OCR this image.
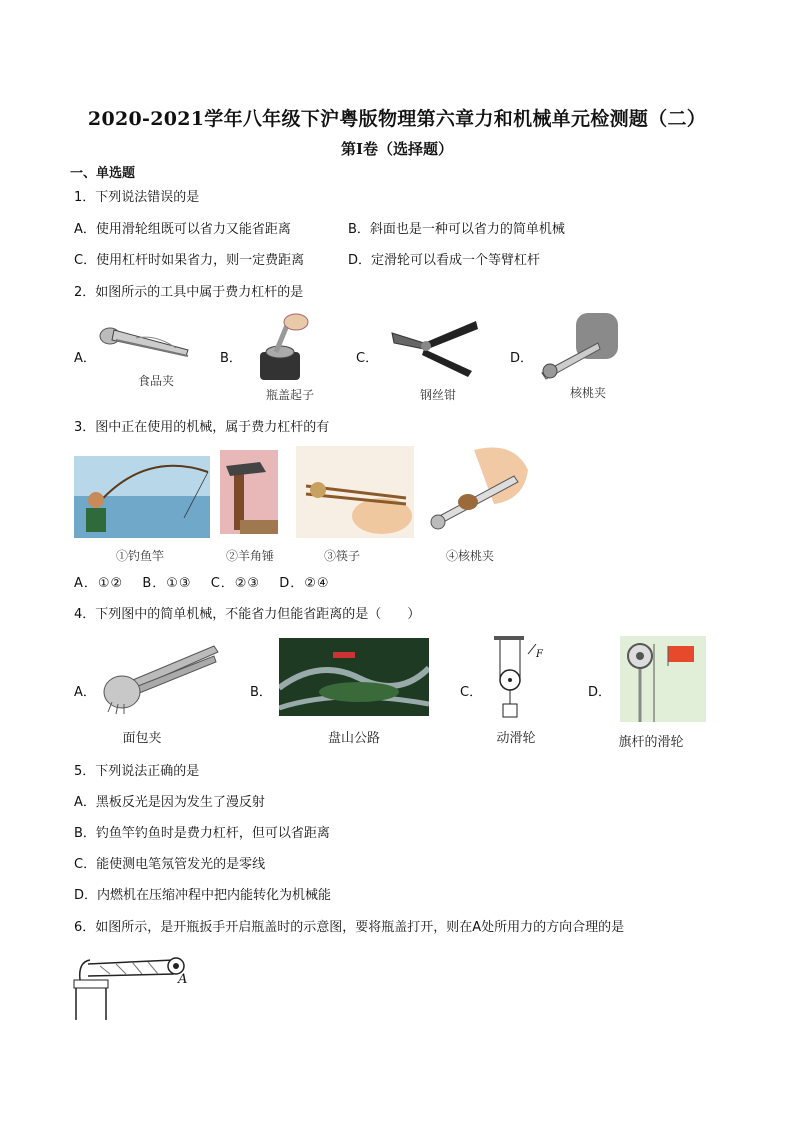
2020-2021学年八年级下沪粤版物理第六章力和机械单元检测题（二）
第I卷（选择题）
一、单选题
1．下列说法错误的是
A．使用滑轮组既可以省力又能省距离	B．斜面也是一种可以省力的简单机械
C．使用杠杆时如果省力，则一定费距离	D．定滑轮可以看成一个等臂杠杆
2．如图所示的工具中属于费力杠杆的是
A．
食品夹
B．
瓶盖起子
C．
钢丝钳
D．
核桃夹
3．图中正在使用的机械，属于费力杠杆的有
①钓鱼竿	②羊角锤	③筷子	④核桃夹
A．①②　 B．①③　 C．②③　 D．②④
4．下列图中的简单机械，不能省力但能省距离的是（　　）
A．
面包夹
B．
盘山公路
C．
F
动滑轮
D．
旗杆的滑轮
5．下列说法正确的是
A．黑板反光是因为发生了漫反射
B．钓鱼竿钓鱼时是费力杠杆，但可以省距离
C．能使测电笔氖管发光的是零线
D．内燃机在压缩冲程中把内能转化为机械能
6．如图所示，是开瓶扳手开启瓶盖时的示意图，要将瓶盖打开，则在A处所用力的方向合理的是
A
